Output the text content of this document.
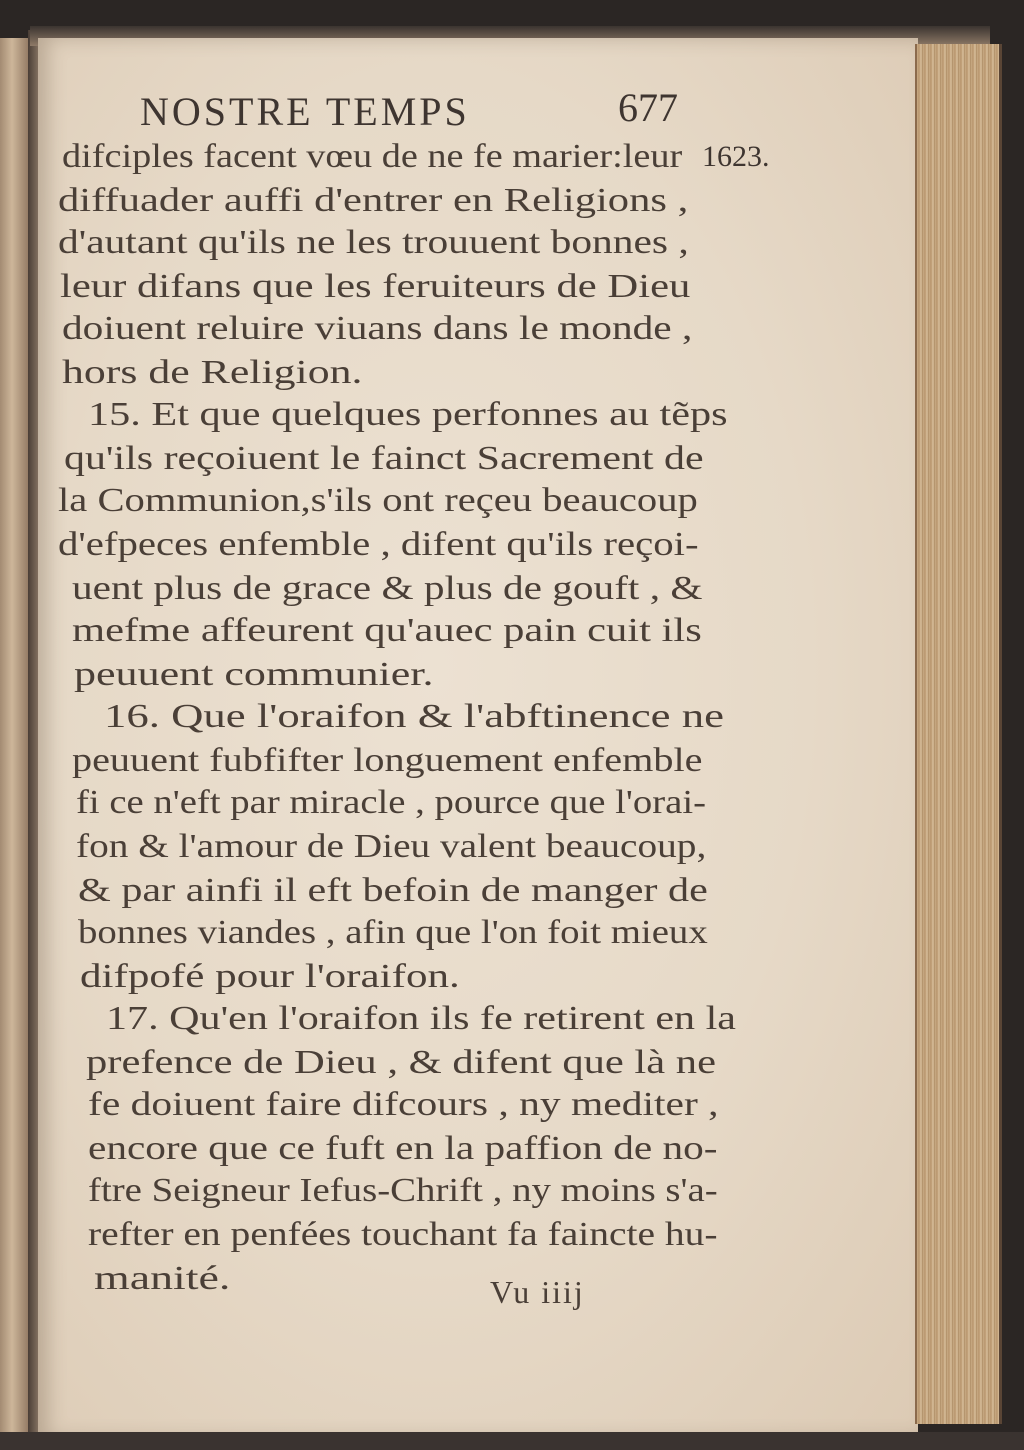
NOSTRE TEMPS	677
1623.
difciples facent vœu de ne fe marier:leur
diffuader auffi d'entrer en Religions ,
d'autant qu'ils ne les trouuent bonnes ,
leur difans que les feruiteurs de Dieu
doiuent reluire viuans dans le monde ,
hors de Religion.
15. Et que quelques perfonnes au tẽps
qu'ils reçoiuent le fainct Sacrement de
la Communion,s'ils ont reçeu beaucoup
d'efpeces enfemble , difent qu'ils reçoi-
uent plus de grace & plus de gouft , &
mefme affeurent qu'auec pain cuit ils
peuuent communier.
16. Que l'oraifon & l'abftinence ne
peuuent fubfifter longuement enfemble
fi ce n'eft par miracle , pource que l'orai-
fon & l'amour de Dieu valent beaucoup,
& par ainfi il eft befoin de manger de
bonnes viandes , afin que l'on foit mieux
difpofé pour l'oraifon.
17. Qu'en l'oraifon ils fe retirent en la
prefence de Dieu , & difent que là ne
fe doiuent faire difcours , ny mediter ,
encore que ce fuft en la paffion de no-
ftre Seigneur Iefus-Chrift , ny moins s'a-
refter en penfées touchant fa faincte hu-
manité.	Vu iiij
